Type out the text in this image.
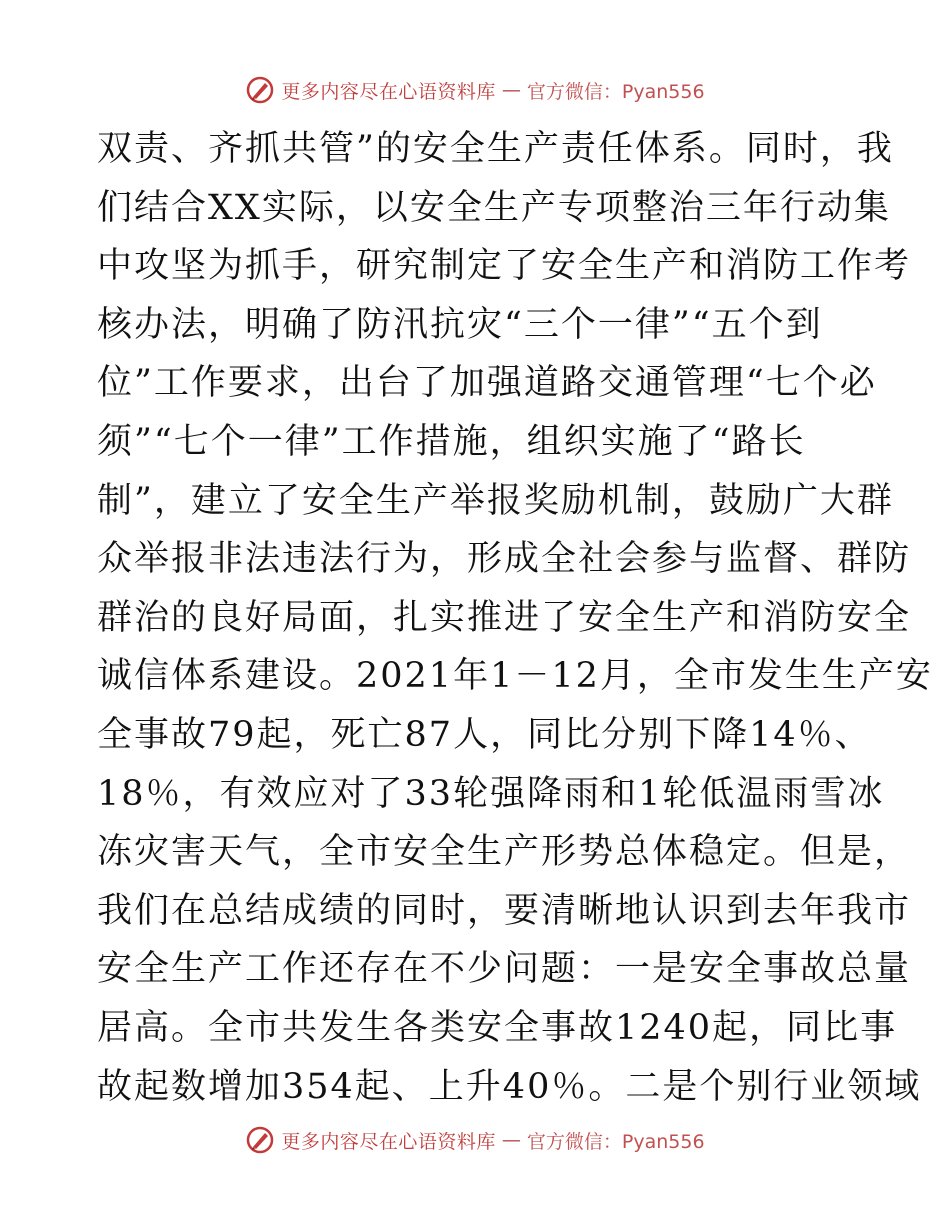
更多内容尽在心语资料库 — 官方微信：Pyan556
双责、齐抓共管”的安全生产责任体系。同时，我
们结合XX实际，以安全生产专项整治三年行动集
中攻坚为抓手，研究制定了安全生产和消防工作考
核办法，明确了防汛抗灾“三个一律”“五个到
位”工作要求，出台了加强道路交通管理“七个必
须”“七个一律”工作措施，组织实施了“路长
制”，建立了安全生产举报奖励机制，鼓励广大群
众举报非法违法行为，形成全社会参与监督、群防
群治的良好局面，扎实推进了安全生产和消防安全
诚信体系建设。2021年1－12月，全市发生生产安
全事故79起，死亡87人，同比分别下降14％、
18％，有效应对了33轮强降雨和1轮低温雨雪冰
冻灾害天气，全市安全生产形势总体稳定。但是，
我们在总结成绩的同时，要清晰地认识到去年我市
安全生产工作还存在不少问题：一是安全事故总量
居高。全市共发生各类安全事故1240起，同比事
故起数增加354起、上升40％。二是个别行业领域
更多内容尽在心语资料库 — 官方微信：Pyan556
